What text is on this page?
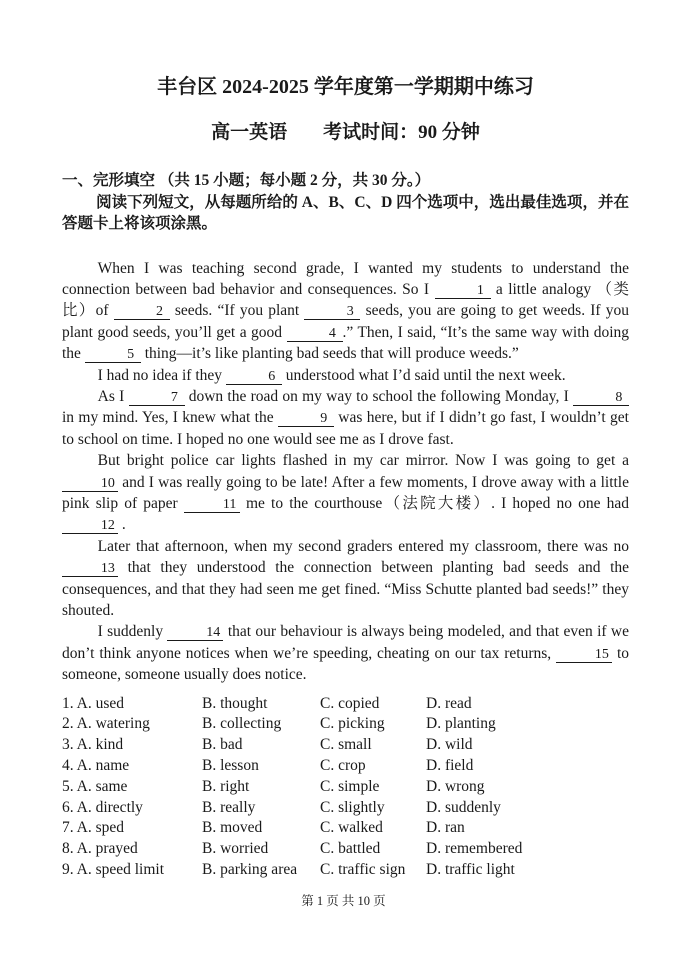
丰台区 2024-2025 学年度第一学期期中练习
高一英语 考试时间：90 分钟
一、完形填空 （共 15 小题；每小题 2 分，共 30 分。）

阅读下列短文，从每题所给的 A、B、C、D 四个选项中，选出最佳选项，并在答题卡上将该项涂黑。

When I was teaching second grade, I wanted my students to understand the connection between bad behavior and consequences. So I	1 a little analogy （类比）of	2 seeds. “If you plant	3 seeds, you are going to get weeds. If you plant good seeds, you’ll get a good	4 .” Then, I said, “It’s the same way with doing the	5 thing—it’s like planting bad seeds that will produce weeds.”

I had no idea if they	6 understood what I’d said until the next week.

As I	7 down the road on my way to school the following Monday, I	8 in my mind. Yes, I knew what the	9 was here, but if I didn’t go fast, I wouldn’t get to school on time. I hoped no one would see me as I drove fast.

But bright police car lights flashed in my car mirror. Now I was going to get a 10 and I was really going to be late! After a few moments, I drove away with a little pink slip of paper	11 me to the courthouse（法院大楼）. I hoped no one had 12 .

Later that afternoon, when my second graders entered my classroom, there was no 13 that they understood the connection between planting bad seeds and the consequences, and that they had seen me get fined. “Miss Schutte planted bad seeds!” they shouted.

I suddenly	14 that our behaviour is always being modeled, and that even if we don’t think anyone notices when we’re speeding, cheating on our tax returns,	15 to someone, someone usually does notice.

1. A. used	B. thought	C. copied	D. read
2. A. watering	B. collecting	C. picking	D. planting
3. A. kind	B. bad	C. small	D. wild
4. A. name	B. lesson	C. crop	D. field
5. A. same	B. right	C. simple	D. wrong
6. A. directly	B. really	C. slightly	D. suddenly
7. A. sped	B. moved	C. walked	D. ran
8. A. prayed	B. worried	C. battled	D. remembered
9. A. speed limit	B. parking area	C. traffic sign	D. traffic light
第 1 页 共 10 页
